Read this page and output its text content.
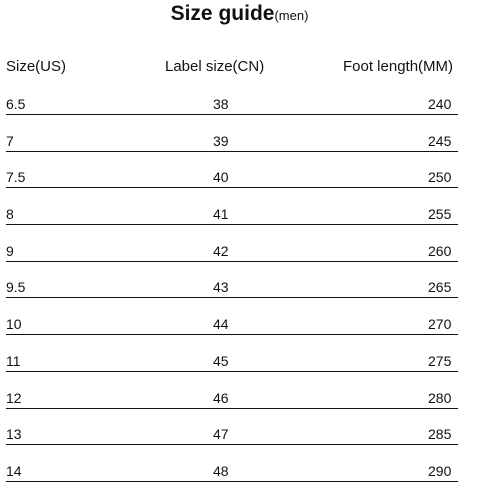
Size guide(men)
Size(US)	Label size(CN)	Foot length(MM)
6.5	38	240
7	39	245
7.5	40	250
8	41	255
9	42	260
9.5	43	265
10	44	270
11	45	275
12	46	280
13	47	285
14	48	290
